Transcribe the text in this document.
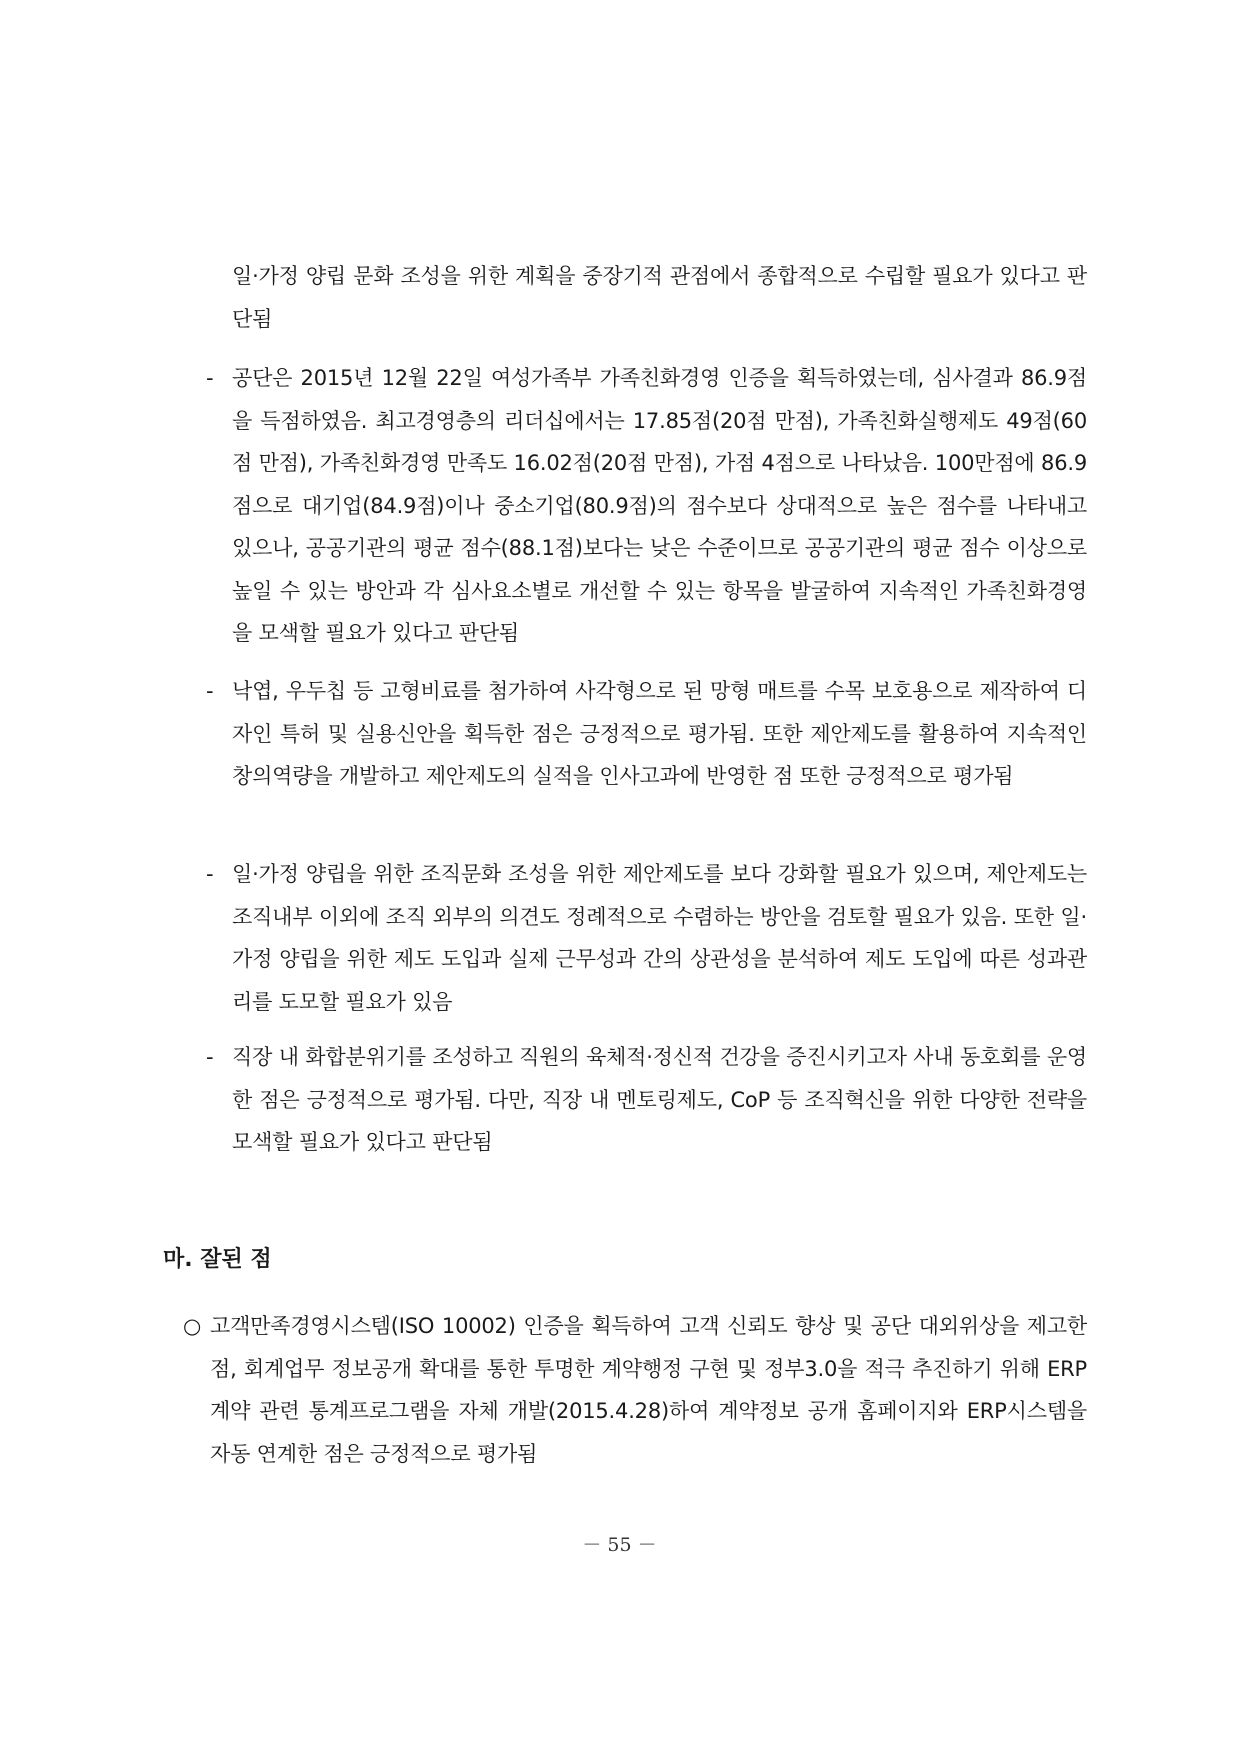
일·가정 양립 문화 조성을 위한 계획을 중장기적 관점에서 종합적으로 수립할 필요가 있다고 판단됨
- 공단은 2015년 12월 22일 여성가족부 가족친화경영 인증을 획득하였는데, 심사결과 86.9점을 득점하였음. 최고경영층의 리더십에서는 17.85점(20점 만점), 가족친화실행제도 49점(60점 만점), 가족친화경영 만족도 16.02점(20점 만점), 가점 4점으로 나타났음. 100만점에 86.9점으로 대기업(84.9점)이나 중소기업(80.9점)의 점수보다 상대적으로 높은 점수를 나타내고 있으나, 공공기관의 평균 점수(88.1점)보다는 낮은 수준이므로 공공기관의 평균 점수 이상으로 높일 수 있는 방안과 각 심사요소별로 개선할 수 있는 항목을 발굴하여 지속적인 가족친화경영을 모색할 필요가 있다고 판단됨
- 낙엽, 우두칩 등 고형비료를 첨가하여 사각형으로 된 망형 매트를 수목 보호용으로 제작하여 디자인 특허 및 실용신안을 획득한 점은 긍정적으로 평가됨. 또한 제안제도를 활용하여 지속적인 창의역량을 개발하고 제안제도의 실적을 인사고과에 반영한 점 또한 긍정적으로 평가됨
- 일·가정 양립을 위한 조직문화 조성을 위한 제안제도를 보다 강화할 필요가 있으며, 제안제도는 조직내부 이외에 조직 외부의 의견도 정례적으로 수렴하는 방안을 검토할 필요가 있음. 또한 일·가정 양립을 위한 제도 도입과 실제 근무성과 간의 상관성을 분석하여 제도 도입에 따른 성과관리를 도모할 필요가 있음
- 직장 내 화합분위기를 조성하고 직원의 육체적·정신적 건강을 증진시키고자 사내 동호회를 운영한 점은 긍정적으로 평가됨. 다만, 직장 내 멘토링제도, CoP 등 조직혁신을 위한 다양한 전략을 모색할 필요가 있다고 판단됨
마. 잘된 점
○ 고객만족경영시스템(ISO 10002) 인증을 획득하여 고객 신뢰도 향상 및 공단 대외위상을 제고한 점, 회계업무 정보공개 확대를 통한 투명한 계약행정 구현 및 정부3.0을 적극 추진하기 위해 ERP 계약 관련 통계프로그램을 자체 개발(2015.4.28)하여 계약정보 공개 홈페이지와 ERP시스템을 자동 연계한 점은 긍정적으로 평가됨
－ 55 －
